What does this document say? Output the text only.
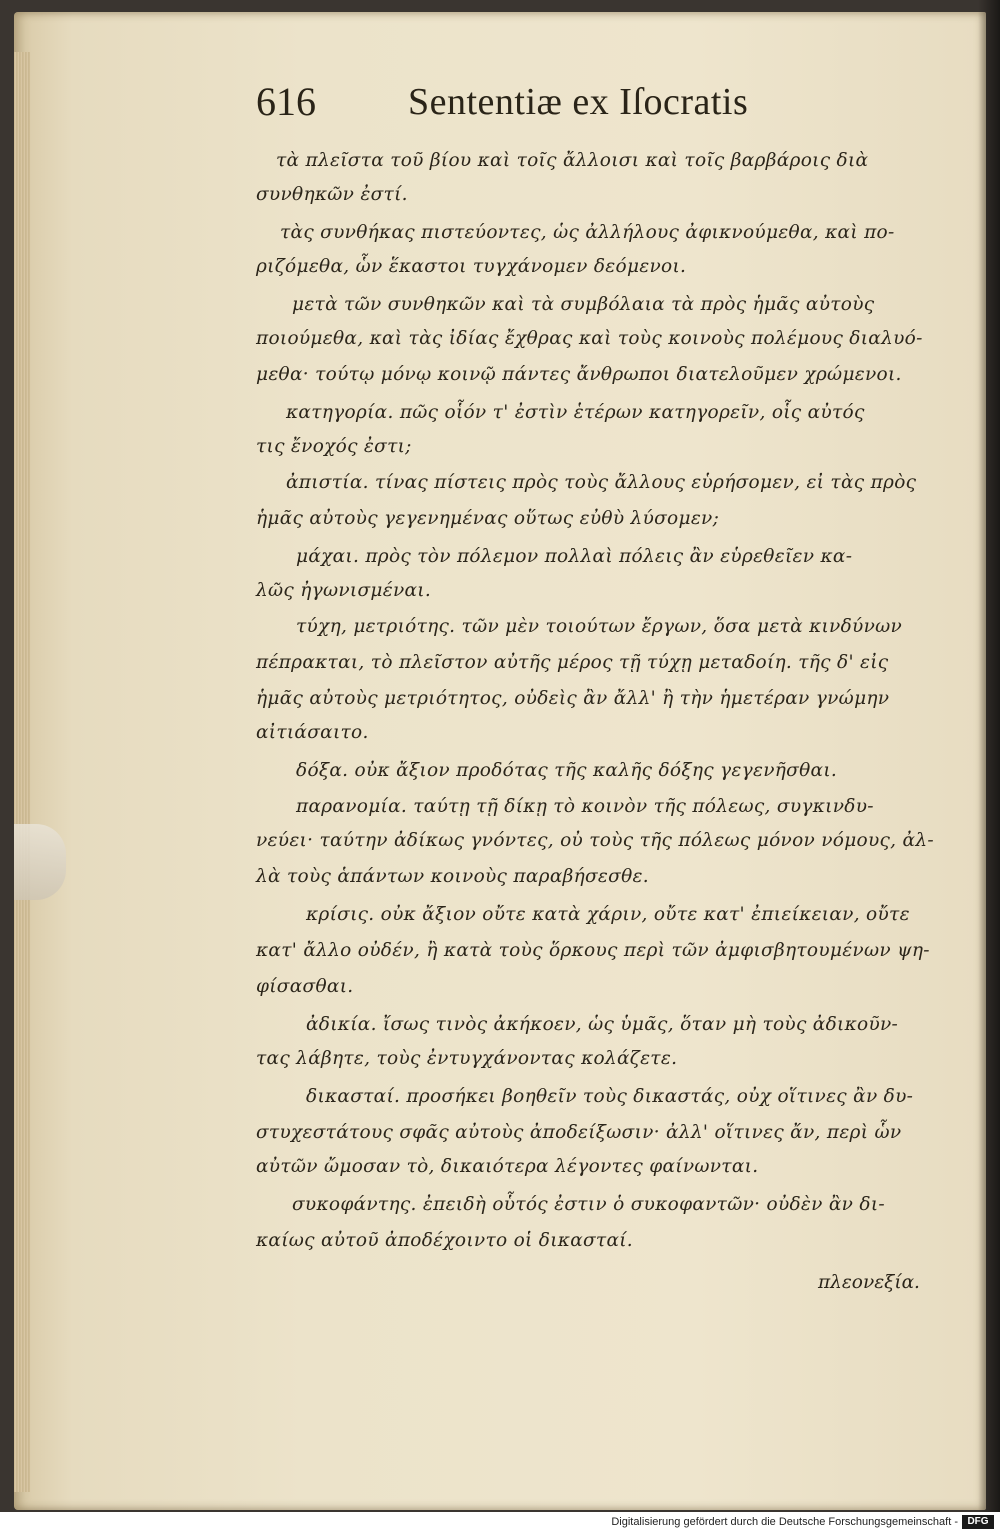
616 Sententiæ ex Iſocratis
τὰ πλεῖστα τοῦ βίου καὶ τοῖς ἄλλοισι καὶ τοῖς βαρβάροις διὰ
συνθηκῶν ἐστί.
τὰς συνθήκας πιστεύοντες, ὡς ἀλλήλους ἀφικνούμεθα, καὶ πο-
ριζόμεθα, ὧν ἕκαστοι τυγχάνομεν δεόμενοι.
μετὰ τῶν συνθηκῶν καὶ τὰ συμβόλαια τὰ πρὸς ἡμᾶς αὐτοὺς
ποιούμεθα, καὶ τὰς ἰδίας ἔχθρας καὶ τοὺς κοινοὺς πολέμους διαλυό-
μεθα· τούτῳ μόνῳ κοινῷ πάντες ἄνθρωποι διατελοῦμεν χρώμενοι.
κατηγορία. πῶς οἷόν τ' ἐστὶν ἑτέρων κατηγορεῖν, οἷς αὐτός
τις ἔνοχός ἐστι;
ἀπιστία. τίνας πίστεις πρὸς τοὺς ἄλλους εὑρήσομεν, εἰ τὰς πρὸς
ἡμᾶς αὐτοὺς γεγενημένας οὕτως εὐθὺ λύσομεν;
μάχαι. πρὸς τὸν πόλεμον πολλαὶ πόλεις ἂν εὑρεθεῖεν κα-
λῶς ἠγωνισμέναι.
τύχη, μετριότης. τῶν μὲν τοιούτων ἔργων, ὅσα μετὰ κινδύνων
πέπρακται, τὸ πλεῖστον αὐτῆς μέρος τῇ τύχῃ μεταδοίη. τῆς δ' εἰς
ἡμᾶς αὐτοὺς μετριότητος, οὐδεὶς ἂν ἄλλ' ἢ τὴν ἡμετέραν γνώμην
αἰτιάσαιτο.
δόξα. οὐκ ἄξιον προδότας τῆς καλῆς δόξης γεγενῆσθαι.
παρανομία. ταύτῃ τῇ δίκῃ τὸ κοινὸν τῆς πόλεως, συγκινδυ-
νεύει· ταύτην ἀδίκως γνόντες, οὐ τοὺς τῆς πόλεως μόνον νόμους, ἀλ-
λὰ τοὺς ἁπάντων κοινοὺς παραβήσεσθε.
κρίσις. οὐκ ἄξιον οὔτε κατὰ χάριν, οὔτε κατ' ἐπιείκειαν, οὔτε
κατ' ἄλλο οὐδέν, ἢ κατὰ τοὺς ὅρκους περὶ τῶν ἀμφισβητουμένων ψη-
φίσασθαι.
ἀδικία. ἴσως τινὸς ἀκήκοεν, ὡς ὑμᾶς, ὅταν μὴ τοὺς ἀδικοῦν-
τας λάβητε, τοὺς ἐντυγχάνοντας κολάζετε.
δικασταί. προσήκει βοηθεῖν τοὺς δικαστάς, οὐχ οἵτινες ἂν δυ-
στυχεστάτους σφᾶς αὐτοὺς ἀποδείξωσιν· ἀλλ' οἵτινες ἄν, περὶ ὧν
αὐτῶν ὤμοσαν τὸ, δικαιότερα λέγοντες φαίνωνται.
συκοφάντης. ἐπειδὴ οὗτός ἐστιν ὁ συκοφαντῶν· οὐδὲν ἂν δι-
καίως αὐτοῦ ἀποδέχοιντο οἱ δικασταί.
πλεονεξία.
Digitalisierung gefördert durch die Deutsche Forschungsgemeinschaft - DFG
